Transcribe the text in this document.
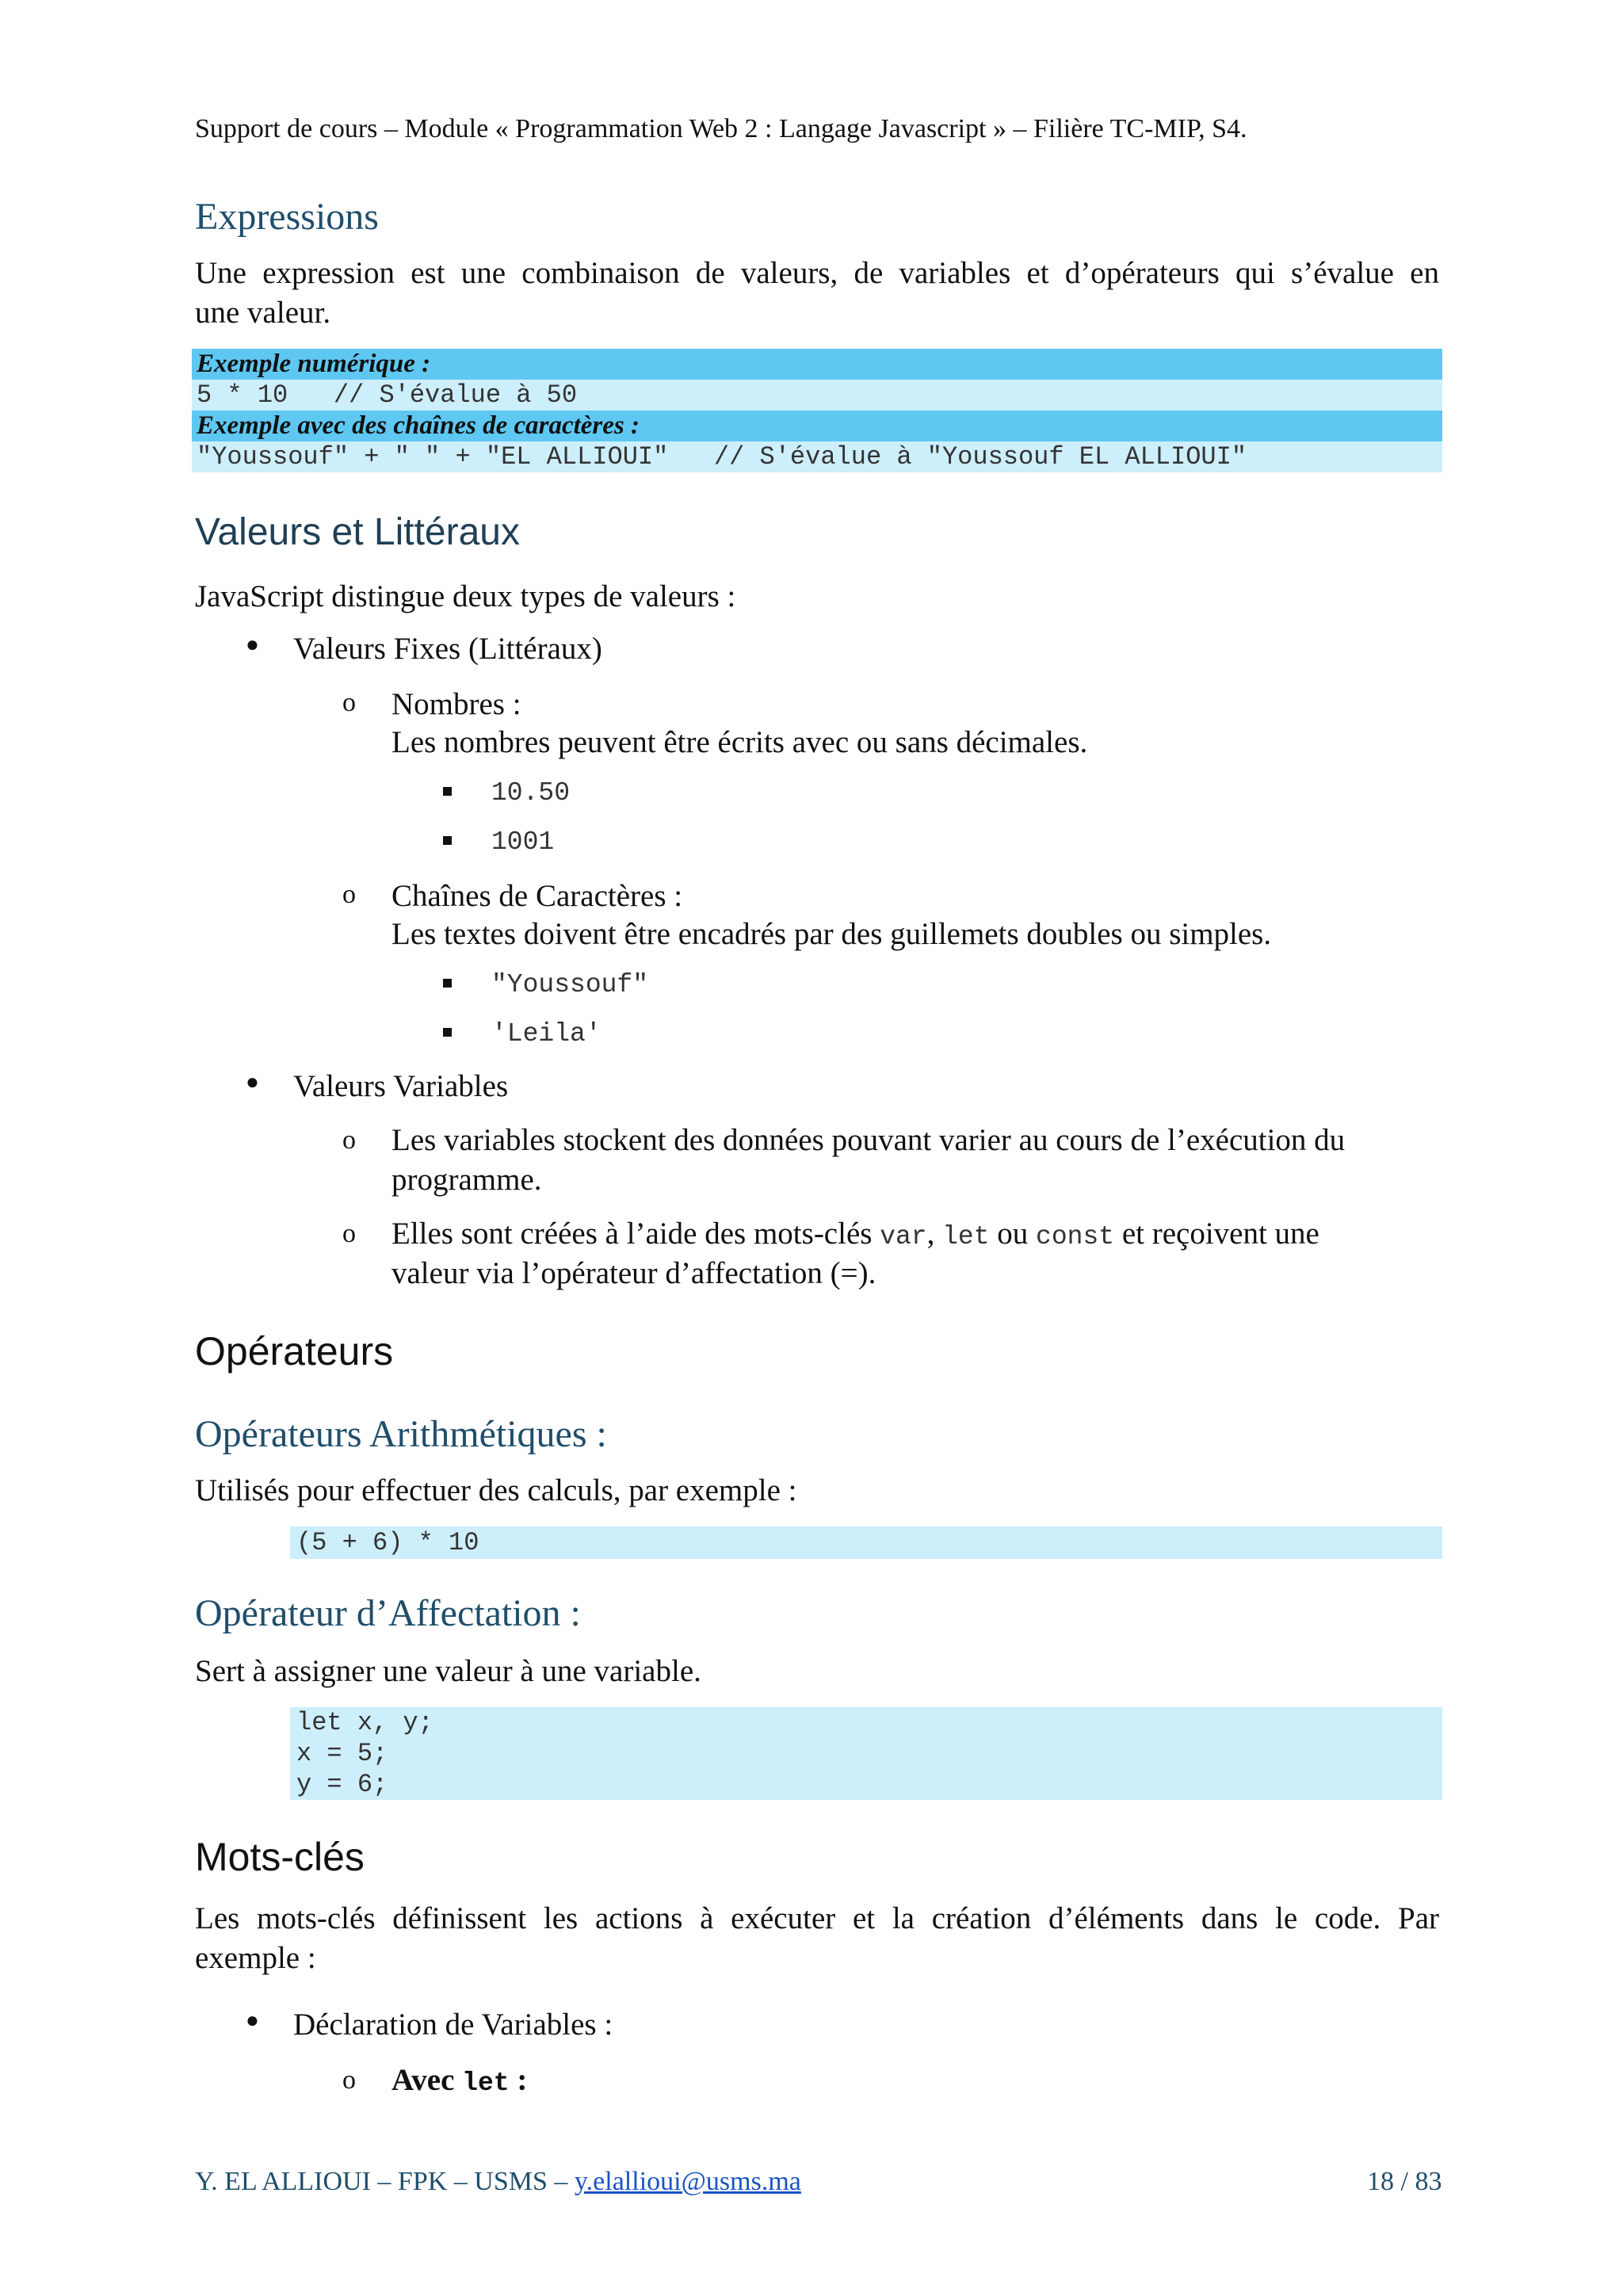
Support de cours – Module « Programmation Web 2 : Langage Javascript » – Filière TC-MIP, S4.
Expressions
Une expression est une combinaison de valeurs, de variables et d’opérateurs qui s’évalue en
une valeur.
Exemple numérique :
5 * 10   // S'évalue à 50
Exemple avec des chaînes de caractères :
"Youssouf" + " " + "EL ALLIOUI"   // S'évalue à "Youssouf EL ALLIOUI"
Valeurs et Littéraux
JavaScript distingue deux types de valeurs :
● Valeurs Fixes (Littéraux)
o Nombres :
Les nombres peuvent être écrits avec ou sans décimales.
10.50
1001
o Chaînes de Caractères :
Les textes doivent être encadrés par des guillemets doubles ou simples.
"Youssouf"
'Leila'
● Valeurs Variables
o Les variables stockent des données pouvant varier au cours de l’exécution du
programme.
o Elles sont créées à l’aide des mots-clés var, let ou const et reçoivent une
valeur via l’opérateur d’affectation (=).
Opérateurs
Opérateurs Arithmétiques :
Utilisés pour effectuer des calculs, par exemple :
(5 + 6) * 10
Opérateur d’Affectation :
Sert à assigner une valeur à une variable.
let x, y;
x = 5;
y = 6;
Mots-clés
Les mots-clés définissent les actions à exécuter et la création d’éléments dans le code. Par
exemple :
● Déclaration de Variables :
o Avec let :
Y. EL ALLIOUI – FPK – USMS – y.elallioui@usms.ma	18 / 83
